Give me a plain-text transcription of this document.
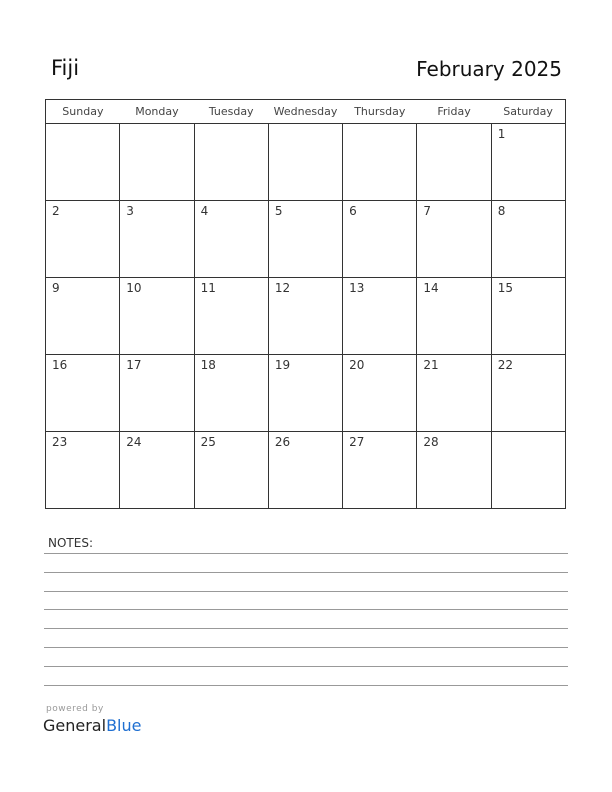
Fiji	February 2025
Sunday	Monday	Tuesday	Wednesday	Thursday	Friday	Saturday

						1

2	3	4	5	6	7	8

9	10	11	12	13	14	15

16	17	18	19	20	21	22

23	24	25	26	27	28	

NOTES:
powered by
GeneralBlue
